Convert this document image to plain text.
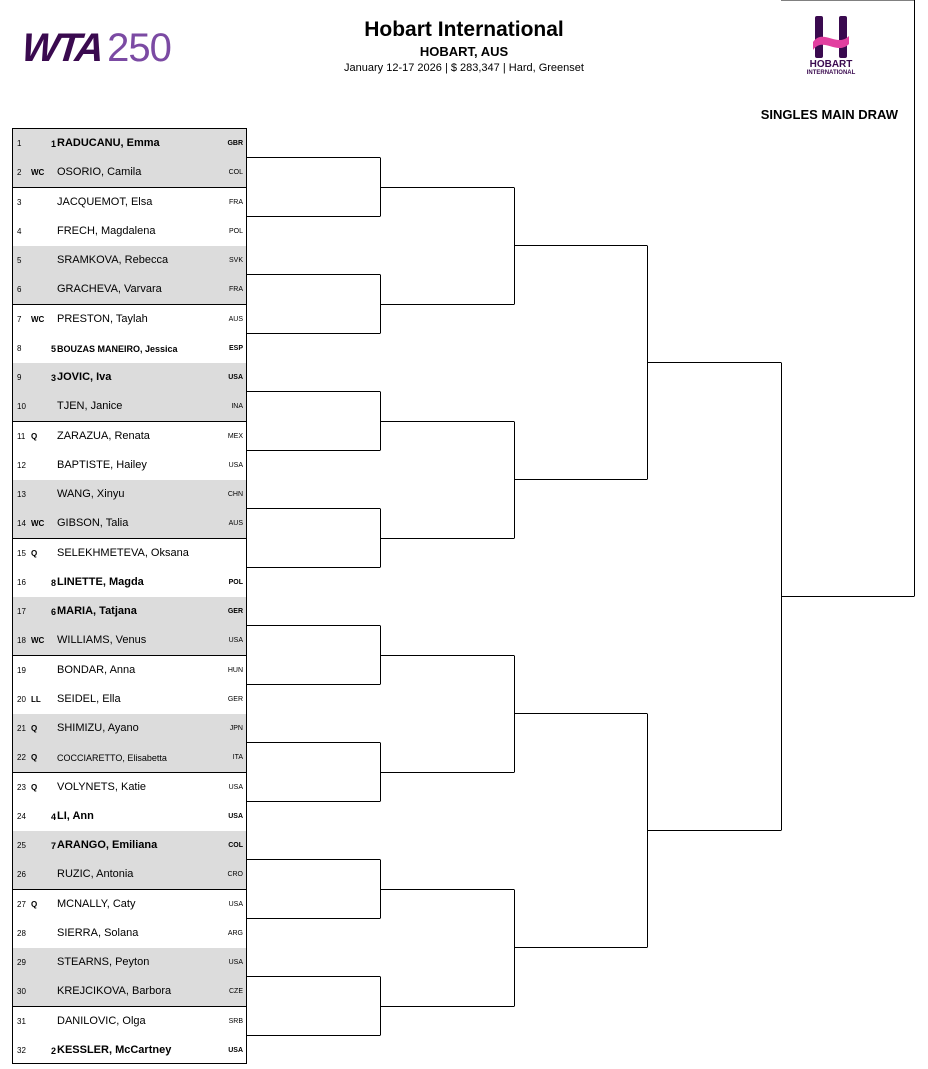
WTA 250	Hobart International
HOBART, AUS
January 12-17 2026 | $ 283,347 | Hard, Greenset	HOBART
INTERNATIONAL
SINGLES MAIN DRAW
1	1 RADUCANU, Emma	GBR
2 WC OSORIO, Camila	COL
3	JACQUEMOT, Elsa	FRA
4	FRECH, Magdalena	POL
5	SRAMKOVA, Rebecca	SVK
6	GRACHEVA, Varvara	FRA
7 WC PRESTON, Taylah	AUS
8	5 BOUZAS MANEIRO, Jessica	ESP
9	3 JOVIC, Iva	USA
10	TJEN, Janice	INA
11 Q ZARAZUA, Renata	MEX
12	BAPTISTE, Hailey	USA
13	WANG, Xinyu	CHN
14 WC GIBSON, Talia	AUS
15 Q SELEKHMETEVA, Oksana
16	8 LINETTE, Magda	POL
17	6 MARIA, Tatjana	GER
18 WC WILLIAMS, Venus	USA
19	BONDAR, Anna	HUN
20 LL SEIDEL, Ella	GER
21 Q SHIMIZU, Ayano	JPN
22 Q COCCIARETTO, Elisabetta	ITA
23 Q VOLYNETS, Katie	USA
24	4 LI, Ann	USA
25	7 ARANGO, Emiliana	COL
26	RUZIC, Antonia	CRO
27 Q MCNALLY, Caty	USA
28	SIERRA, Solana	ARG
29	STEARNS, Peyton	USA
30	KREJCIKOVA, Barbora	CZE
31	DANILOVIC, Olga	SRB
32	2 KESSLER, McCartney	USA
